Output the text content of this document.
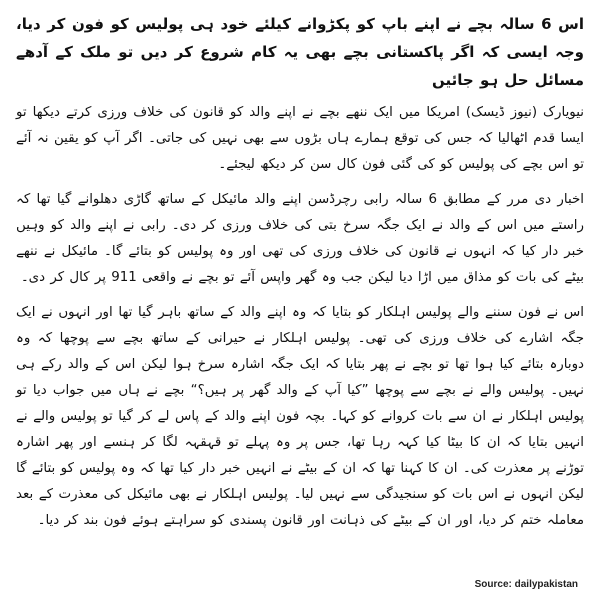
اس 6 سالہ بچے نے اپنے باپ کو پکڑوانے کیلئے خود ہی پولیس کو فون کر دیا، وجہ ایسی کہ اگر پاکستانی بچے بھی یہ کام شروع کر دیں تو ملک کے آدھے مسائل حل ہو جائیں

نیویارک (نیوز ڈیسک) امریکا میں ایک ننھے بچے نے اپنے والد کو قانون کی خلاف ورزی کرتے دیکھا تو ایسا قدم اٹھالیا کہ جس کی توقع ہمارے ہاں بڑوں سے بھی نہیں کی جاتی۔ اگر آپ کو یقین نہ آئے تو اس بچے کی پولیس کو کی گئی فون کال سن کر دیکھ لیجئے۔

اخبار دی مرر کے مطابق 6 سالہ رابی رچرڈسن اپنے والد مائیکل کے ساتھ گاڑی دھلوانے گیا تھا کہ راستے میں اس کے والد نے ایک جگہ سرخ بتی کی خلاف ورزی کر دی۔ رابی نے اپنے والد کو وہیں خبر دار کیا کہ انہوں نے قانون کی خلاف ورزی کی تھی اور وہ پولیس کو بتائے گا۔ مائیکل نے ننھے بیٹے کی بات کو مذاق میں اڑا دیا لیکن جب وہ گھر واپس آئے تو بچے نے واقعی 911 پر کال کر دی۔

اس نے فون سننے والے پولیس اہلکار کو بتایا کہ وہ اپنے والد کے ساتھ باہر گیا تھا اور انہوں نے ایک جگہ اشارے کی خلاف ورزی کی تھی۔ پولیس اہلکار نے حیرانی کے ساتھ بچے سے پوچھا کہ وہ دوبارہ بتائے کیا ہوا تھا تو بچے نے پھر بتایا کہ ایک جگہ اشارہ سرخ ہوا لیکن اس کے والد رکے ہی نہیں۔ پولیس والے نے بچے سے پوچھا ”کیا آپ کے والد گھر پر ہیں؟“ بچے نے ہاں میں جواب دیا تو پولیس اہلکار نے ان سے بات کروانے کو کہا۔ بچہ فون اپنے والد کے پاس لے کر گیا تو پولیس والے نے انہیں بتایا کہ ان کا بیٹا کیا کہہ رہا تھا، جس پر وہ پہلے تو قہقہہ لگا کر ہنسے اور پھر اشارہ توڑنے پر معذرت کی۔ ان کا کہنا تھا کہ ان کے بیٹے نے انہیں خبر دار کیا تھا کہ وہ پولیس کو بتائے گا لیکن انہوں نے اس بات کو سنجیدگی سے نہیں لیا۔ پولیس اہلکار نے بھی مائیکل کی معذرت کے بعد معاملہ ختم کر دیا، اور ان کے بیٹے کی ذہانت اور قانون پسندی کو سراہتے ہوئے فون بند کر دیا۔

Source: dailypakistan
